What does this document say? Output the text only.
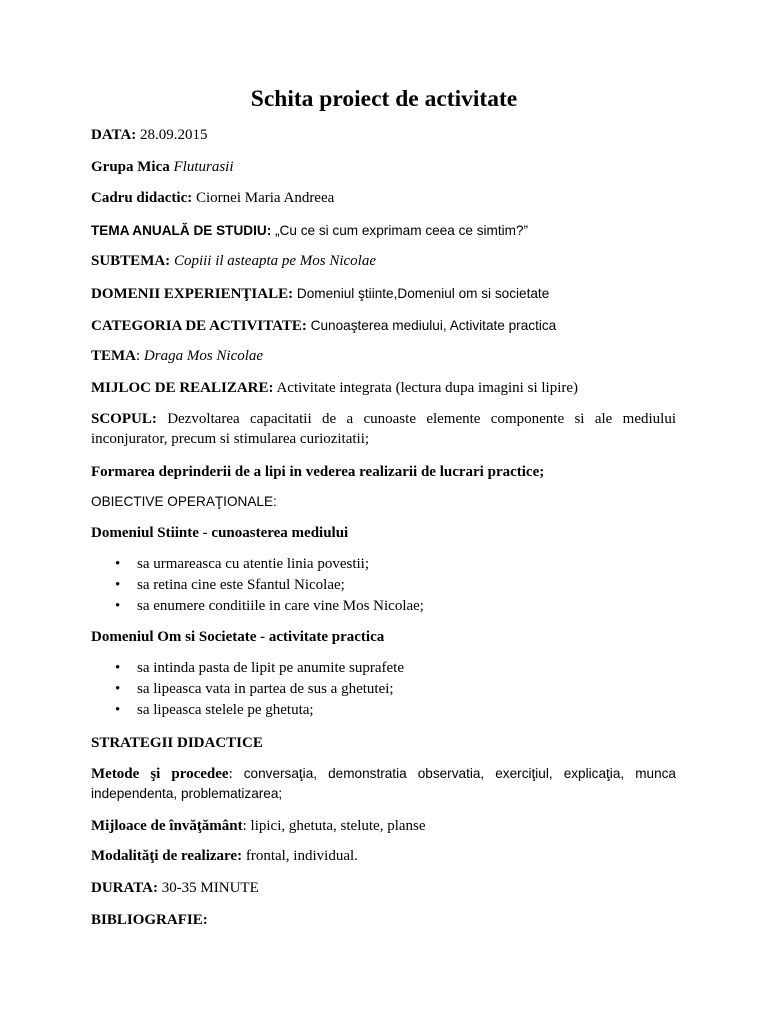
Schita proiect de activitate
DATA: 28.09.2015
Grupa Mica Fluturasii
Cadru didactic: Ciornei Maria Andreea
TEMA ANUALĂ DE STUDIU: „Cu ce si cum exprimam ceea ce simtim?”
SUBTEMA: Copiii il asteapta pe Mos Nicolae
DOMENII EXPERIENŢIALE: Domeniul ştiinte,Domeniul om si societate
CATEGORIA DE ACTIVITATE: Cunoaşterea mediului, Activitate practica
TEMA: Draga Mos Nicolae
MIJLOC DE REALIZARE: Activitate integrata (lectura dupa imagini si lipire)
SCOPUL: Dezvoltarea capacitatii de a cunoaste elemente componente si ale mediului inconjurator, precum si stimularea curiozitatii;
Formarea deprinderii de a lipi in vederea realizarii de lucrari practice;
OBIECTIVE OPERAŢIONALE:
Domeniul Stiinte - cunoasterea mediului
• sa urmareasca cu atentie linia povestii;
• sa retina cine este Sfantul Nicolae;
• sa enumere conditiile in care vine Mos Nicolae;
Domeniul Om si Societate - activitate practica
• sa intinda pasta de lipit pe anumite suprafete
• sa lipeasca vata in partea de sus a ghetutei;
• sa lipeasca stelele pe ghetuta;
STRATEGII DIDACTICE
Metode şi procedee: conversaţia, demonstratia observatia, exerciţiul, explicaţia, munca independenta, problematizarea;
Mijloace de învăţământ: lipici, ghetuta, stelute, planse
Modalităţi de realizare: frontal, individual.
DURATA: 30-35 MINUTE
BIBLIOGRAFIE:
